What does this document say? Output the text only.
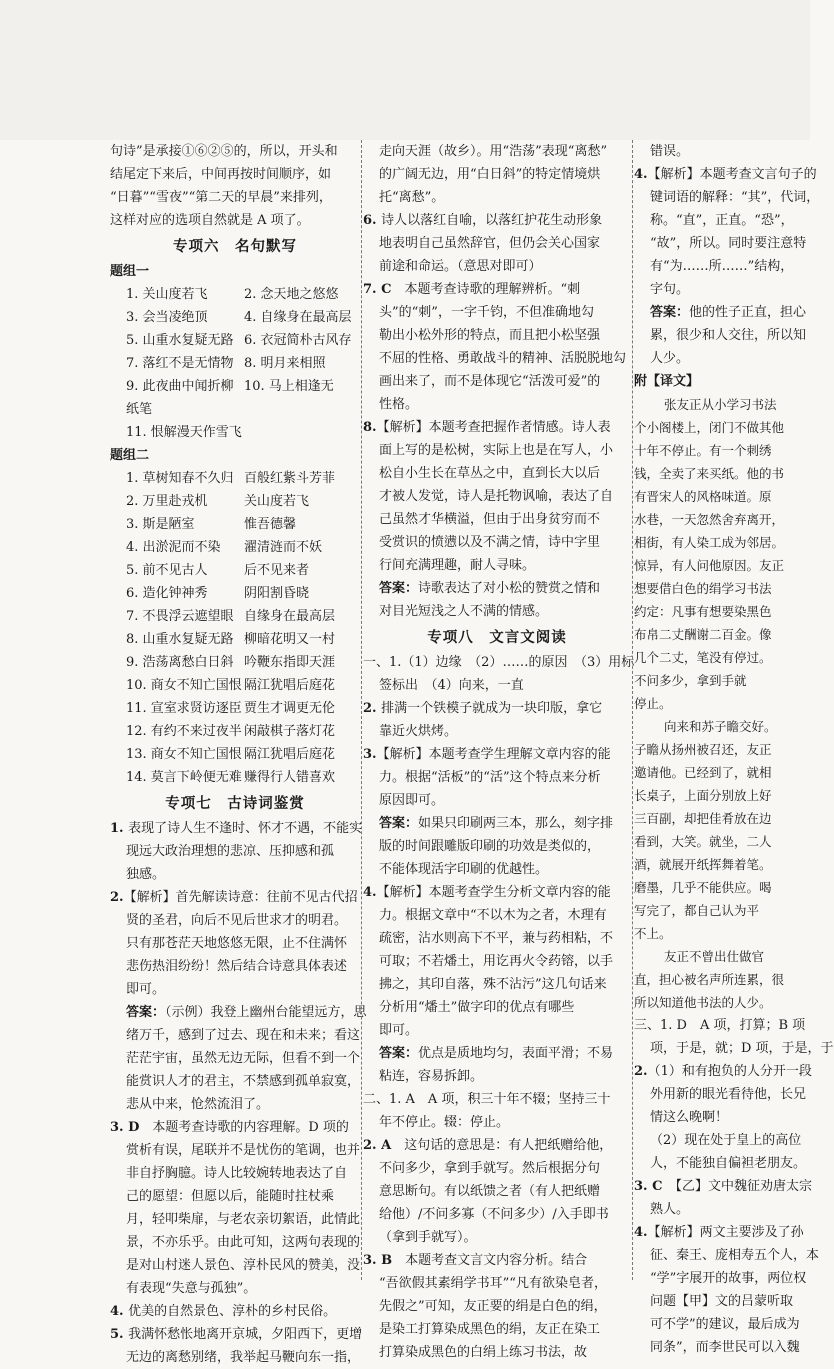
句诗”是承接①⑥②⑤的，所以，开头和
结尾定下来后，中间再按时间顺序，如
“日暮”“雪夜”“第二天的早晨”来排列，
这样对应的选项自然就是 A 项了。
专项六　名句默写
题组一
1. 关山度若飞	2. 念天地之悠悠
3. 会当凌绝顶	4. 自缘身在最高层
5. 山重水复疑无路 6. 衣冠简朴古风存
7. 落红不是无情物 8. 明月来相照
9. 此夜曲中闻折柳 10. 马上相逢无
纸笔
11. 恨解漫天作雪飞
题组二
1. 草树知春不久归 百般红紫斗芳菲
2. 万里赴戎机	关山度若飞
3. 斯是陋室	惟吾德馨
4. 出淤泥而不染	濯清涟而不妖
5. 前不见古人	后不见来者
6. 造化钟神秀	阴阳割昏晓
7. 不畏浮云遮望眼 自缘身在最高层
8. 山重水复疑无路 柳暗花明又一村
9. 浩荡离愁白日斜 吟鞭东指即天涯
10. 商女不知亡国恨 隔江犹唱后庭花
11. 宣室求贤访逐臣 贾生才调更无伦
12. 有约不来过夜半 闲敲棋子落灯花
13. 商女不知亡国恨 隔江犹唱后庭花
14. 莫言下岭便无难 赚得行人错喜欢
专项七　古诗词鉴赏
1. 表现了诗人生不逢时、怀才不遇，不能实
现远大政治理想的悲凉、压抑感和孤
独感。
2.【解析】首先解读诗意：往前不见古代招
贤的圣君，向后不见后世求才的明君。
只有那苍茫天地悠悠无限，止不住满怀
悲伤热泪纷纷！然后结合诗意具体表述
即可。
答案：（示例）我登上幽州台能望远方，思
绪万千，感到了过去、现在和未来；看这
茫茫宇宙，虽然无边无际，但看不到一个
能赏识人才的君主，不禁感到孤单寂寞，
悲从中来，怆然流泪了。
3. D　本题考查诗歌的内容理解。D 项的
赏析有误，尾联并不是忧伤的笔调，也并
非自抒胸臆。诗人比较婉转地表达了自
己的愿望：但愿以后，能随时拄杖乘
月，轻叩柴扉，与老农亲切絮语，此情此
景，不亦乐乎。由此可知，这两句表现的
是对山村迷人景色、淳朴民风的赞美，没
有表现“失意与孤独”。
4. 优美的自然景色、淳朴的乡村民俗。
5. 我满怀愁怅地离开京城，夕阳西下，更增
无边的离愁别绪，我举起马鞭向东一指，
走向天涯（故乡）。用“浩荡”表现“离愁”
的广阔无边，用“白日斜”的特定情境烘
托“离愁”。
6. 诗人以落红自喻，以落红护花生动形象
地表明自己虽然辞官，但仍会关心国家
前途和命运。（意思对即可）
7. C　本题考查诗歌的理解辨析。“刺
头”的“刺”，一字千钧，不但准确地勾
勒出小松外形的特点，而且把小松坚强
不屈的性格、勇敢战斗的精神、活脱脱地勾
画出来了，而不是体现它“活泼可爱”的
性格。
8.【解析】本题考查把握作者情感。诗人表
面上写的是松树，实际上也是在写人，小
松自小生长在草丛之中，直到长大以后
才被人发觉，诗人是托物讽喻，表达了自
己虽然才华横溢，但由于出身贫穷而不
受赏识的愤懑以及不满之情，诗中字里
行间充满理趣，耐人寻味。
答案：诗歌表达了对小松的赞赏之情和
对目光短浅之人不满的情感。
专项八　文言文阅读
一、1.（1）边缘　（2）……的原因　（3）用标
签标出　（4）向来，一直
2. 排满一个铁模子就成为一块印版，拿它
靠近火烘烤。
3.【解析】本题考查学生理解文章内容的能
力。根据“活板”的“活”这个特点来分析
原因即可。
答案：如果只印刷两三本，那么，刻字排
版的时间跟雕版印刷的功效是类似的，
不能体现活字印刷的优越性。
4.【解析】本题考查学生分析文章内容的能
力。根据文章中“不以木为之者，木理有
疏密，沾水则高下不平，兼与药相粘，不
可取；不若燔土，用讫再火令药镕，以手
拂之，其印自落，殊不沾污”这几句话来
分析用“燔土”做字印的优点有哪些
即可。
答案：优点是质地均匀，表面平滑；不易
粘连，容易拆卸。
二、1. A　A 项，积三十年不辍；坚持三十
年不停止。辍：停止。
2. A　这句话的意思是：有人把纸赠给他，
不问多少，拿到手就写。然后根据分句
意思断句。有以纸馈之者（有人把纸赠
给他）/不问多寡（不问多少）/入手即书
（拿到手就写）。
3. B　本题考查文言文内容分析。结合
“吾欲假其素绢学书耳”“凡有欲染皂者，
先假之”可知，友正要的绢是白色的绢，
是染工打算染成黑色的绢，友正在染工
打算染成黑色的白绢上练习书法，故
错误。
4.【解析】本题考查文言句子的
键词语的解释：“其”，代词，
称。“直”，正直。“恐”，
“故”，所以。同时要注意特
有“为……所……”结构，
字句。
答案：他的性子正直，担心
累，很少和人交往，所以知
人少。
附【译文】
张友正从小学习书法
个小阁楼上，闭门不做其他
十年不停止。有一个刺绣
钱，全卖了来买纸。他的书
有晋宋人的风格味道。原
水巷，一天忽然舍弃离开，
相街，有人染工成为邻居。
惊异，有人问他原因。友正
想要借白色的绢学习书法
约定：凡事有想要染黑色
布帛二丈酬谢二百金。像
几个二丈，笔没有停过。
不问多少，拿到手就
停止。
向来和苏子瞻交好。
子瞻从扬州被召还，友正
邀请他。已经到了，就相
长桌子，上面分别放上好
三百副，却把佳肴放在边
看到，大笑。就坐，二人
酒，就展开纸挥舞着笔。
磨墨，几乎不能供应。喝
写完了，都自己认为平
不上。
友正不曾出仕做官
直，担心被名声所连累，很
所以知道他书法的人少。
三、1. D　A 项，打算；B 项
项，于是，就；D 项，于是，于
2.（1）和有抱负的人分开一段
外用新的眼光看待他，长兄
情这么晚啊！
（2）现在处于皇上的高位
人，不能独自偏袒老朋友。
3. C　【乙】文中魏征劝唐太宗
熟人。
4.【解析】两文主要涉及了孙
征、秦王、庞相寿五个人，本
“学”字展开的故事，两位权
问题【甲】文的吕蒙听取
可不学”的建议，最后成为
同条”，而李世民可以入魏
